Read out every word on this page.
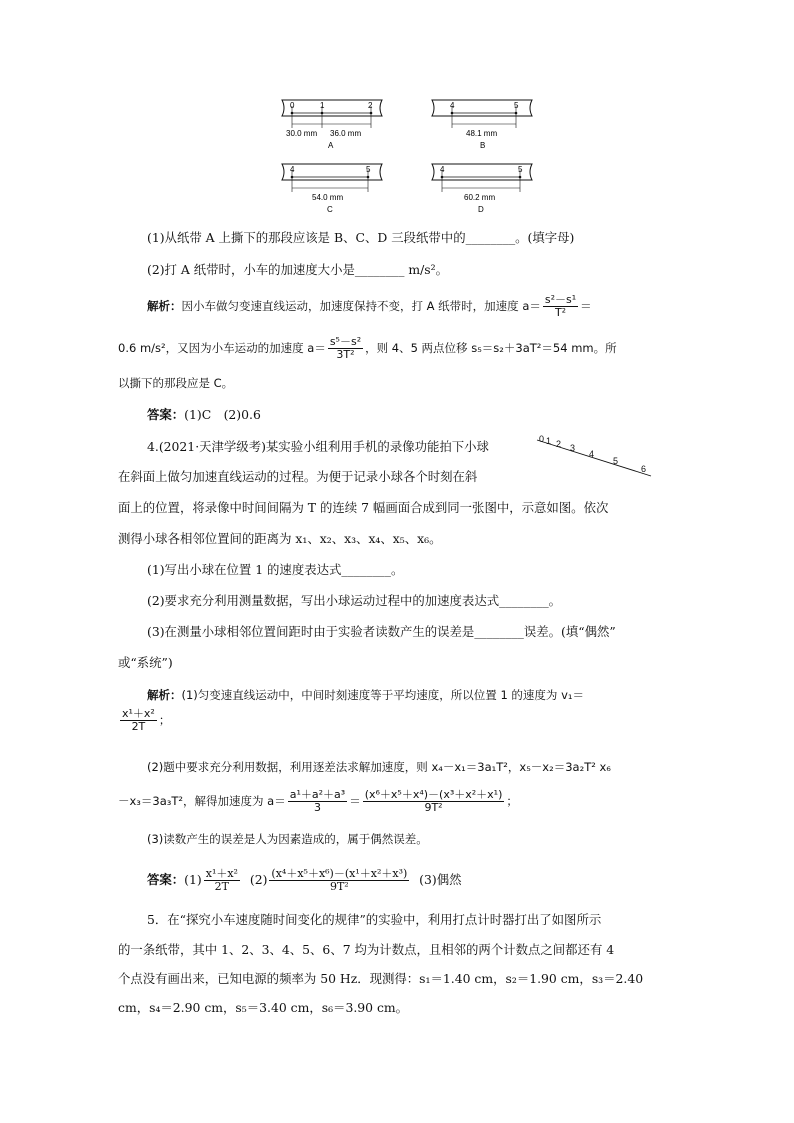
0	1	2
30.0 mm 36.0 mm
A
4	5
48.1 mm
B
4	5
54.0 mm
C
4	5
60.2 mm
D
(1)从纸带 A 上撕下的那段应该是 B、C、D 三段纸带中的________。(填字母)
(2)打 A 纸带时，小车的加速度大小是________ m/s²。
解析：因小车做匀变速直线运动，加速度保持不变，打 A 纸带时，加速度 $a= \frac{\text{s²－s¹}}{\text{T²}}$ ＝
0.6 m/s²，又因为小车运动的加速度 $a= \frac{\text{s⁵－s²}}{\text{3T²}}$ ，则 4、5 两点位移 s₅＝s₂＋3aT²＝54 mm。所
以撕下的那段应是 C。
答案：(1)C　(2)0.6
4.(2021·天津学级考)某实验小组利用手机的录像功能拍下小球	0 1 2 3
4
5
6
在斜面上做匀加速直线运动的过程。为便于记录小球各个时刻在斜
面上的位置，将录像中时间间隔为 T 的连续 7 幅画面合成到同一张图中，示意如图。依次
测得小球各相邻位置间的距离为 x₁、x₂、x₃、x₄、x₅、x₆。
(1)写出小球在位置 1 的速度表达式________。
(2)要求充分利用测量数据，写出小球运动过程中的加速度表达式________。
(3)在测量小球相邻位置间距时由于实验者读数产生的误差是________误差。(填“偶然”
或“系统”)
解析：(1)匀变速直线运动中，中间时刻速度等于平均速度，所以位置 1 的速度为 v₁＝
$\frac{\text{x¹＋x²}}{2T}$ ；
(2)题中要求充分利用数据，利用逐差法求解加速度，则 x₄－x₁＝3a₁T²，x₅－x₂＝3a₂T² x₆
－x₃＝3a₃T²，解得加速度为 $a= \frac{\text{a¹＋a²＋a³}}{3} = \frac{\text{(x⁶＋x⁵＋x⁴)－(x³＋x²＋x¹)}}{\text{9T²}}$ ；
(3)读数产生的误差是人为因素造成的，属于偶然误差。
答案：$(1) \frac{\text{x¹＋x²}}{2T} (2) \frac{\text{(x⁴＋x⁵＋x⁶)－(x¹＋x²＋x³)}}{\text{9T²}} (3)$偶然
5．在“探究小车速度随时间变化的规律”的实验中，利用打点计时器打出了如图所示
的一条纸带，其中 1、2、3、4、5、6、7 均为计数点，且相邻的两个计数点之间都还有 4
个点没有画出来，已知电源的频率为 50 Hz．现测得：s₁＝1.40 cm，s₂＝1.90 cm，s₃＝2.40
cm，s₄＝2.90 cm，s₅＝3.40 cm，s₆＝3.90 cm。
